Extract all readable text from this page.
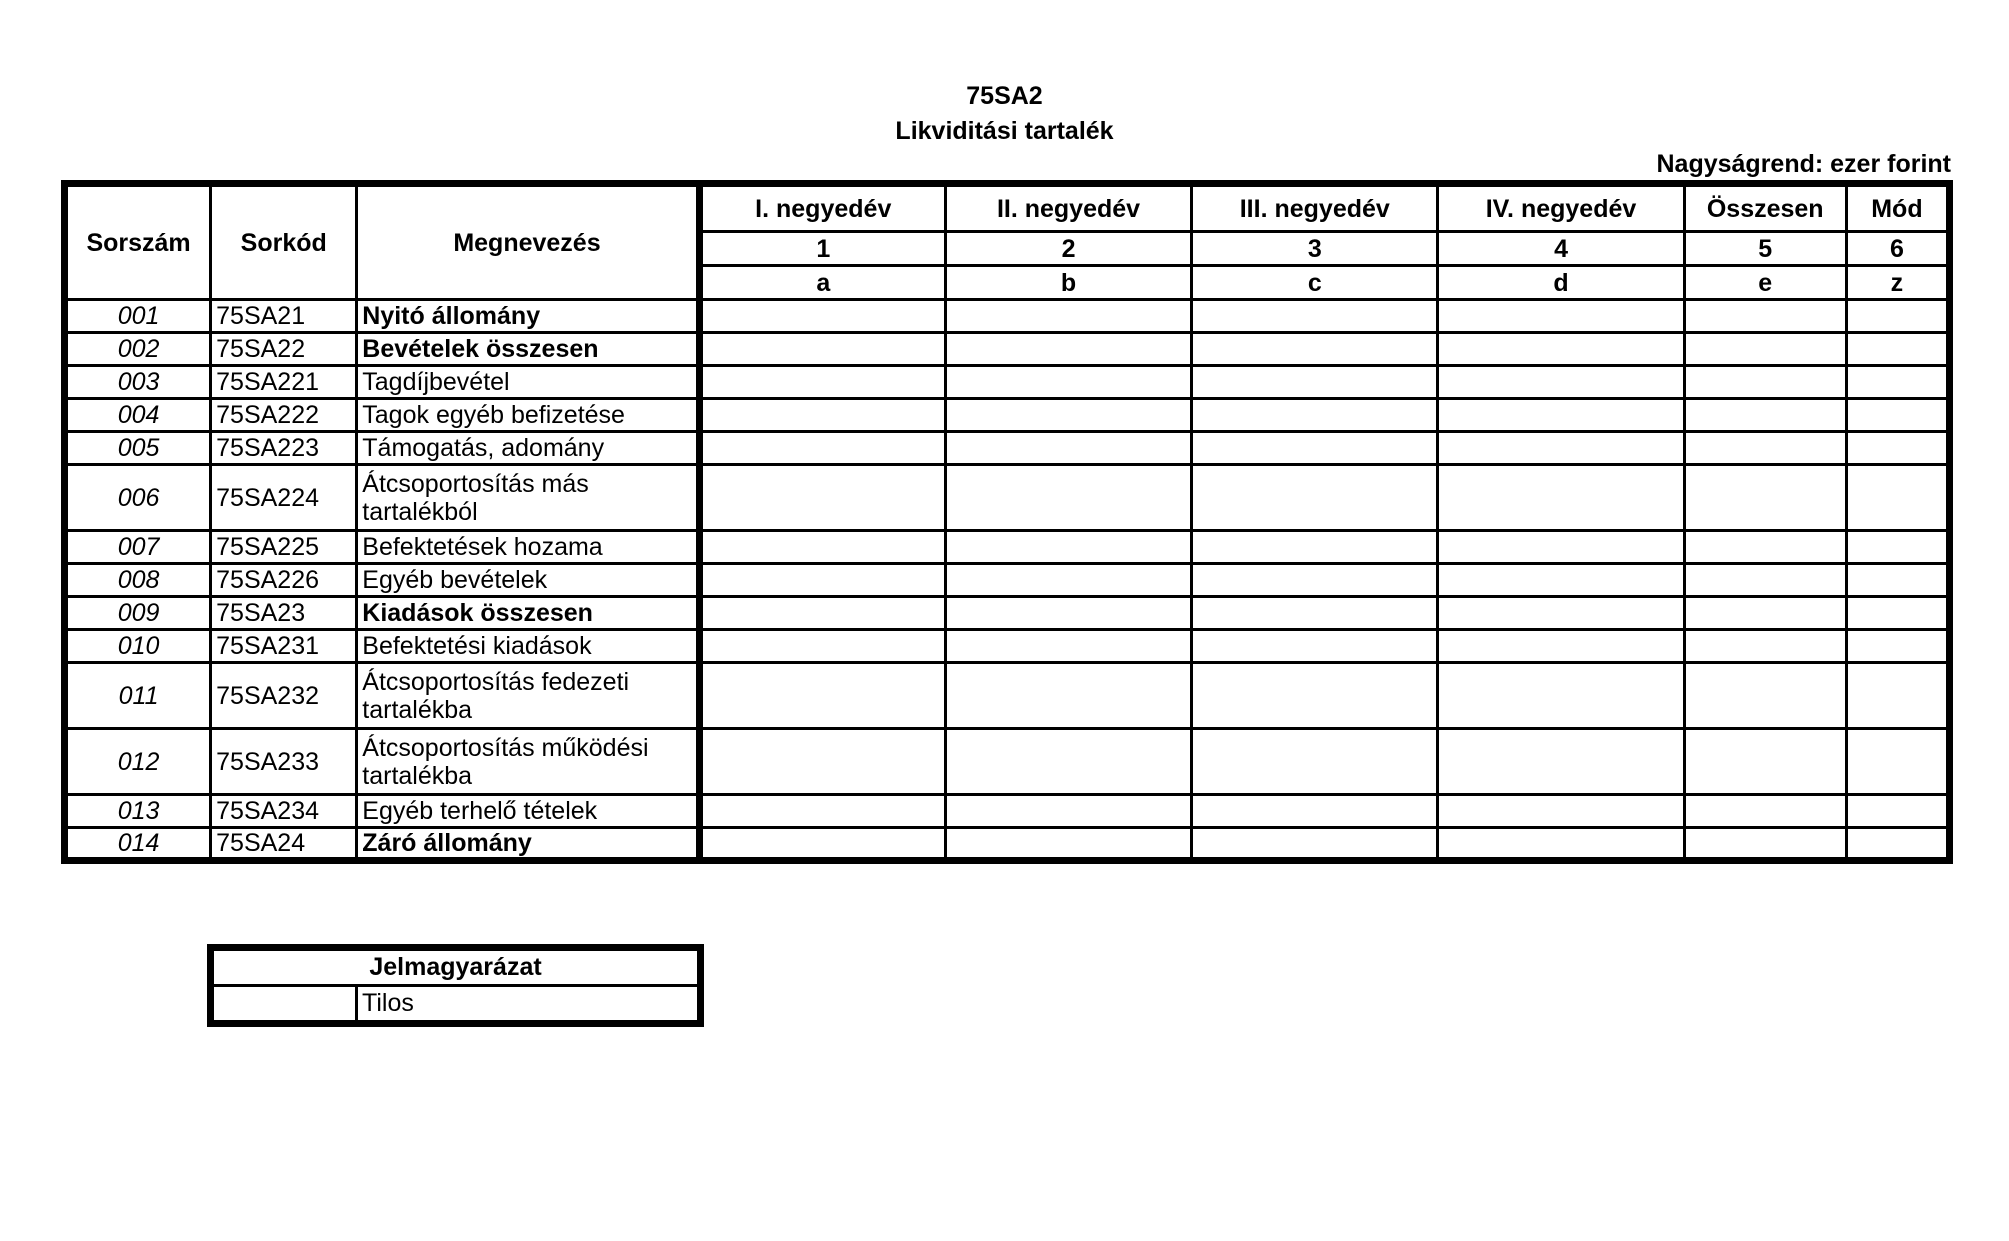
75SA2
Likviditási tartalék
Nagyságrend: ezer forint
Sorszám	Sorkód	Megnevezés	I. negyedév	II. negyedév	III. negyedév	IV. negyedév	Összesen	Mód
			1	2	3	4	5	6
			a	b	c	d	e	z
001	75SA21	Nyitó állomány						
002	75SA22	Bevételek összesen						
003	75SA221	Tagdíjbevétel						
004	75SA222	Tagok egyéb befizetése						
005	75SA223	Támogatás, adomány						
006	75SA224	Átcsoportosítás más tartalékból						
007	75SA225	Befektetések hozama						
008	75SA226	Egyéb bevételek						
009	75SA23	Kiadások összesen						
010	75SA231	Befektetési kiadások						
011	75SA232	Átcsoportosítás fedezeti tartalékba						
012	75SA233	Átcsoportosítás működési tartalékba						
013	75SA234	Egyéb terhelő tételek						
014	75SA24	Záró állomány						
Jelmagyarázat
	Tilos
